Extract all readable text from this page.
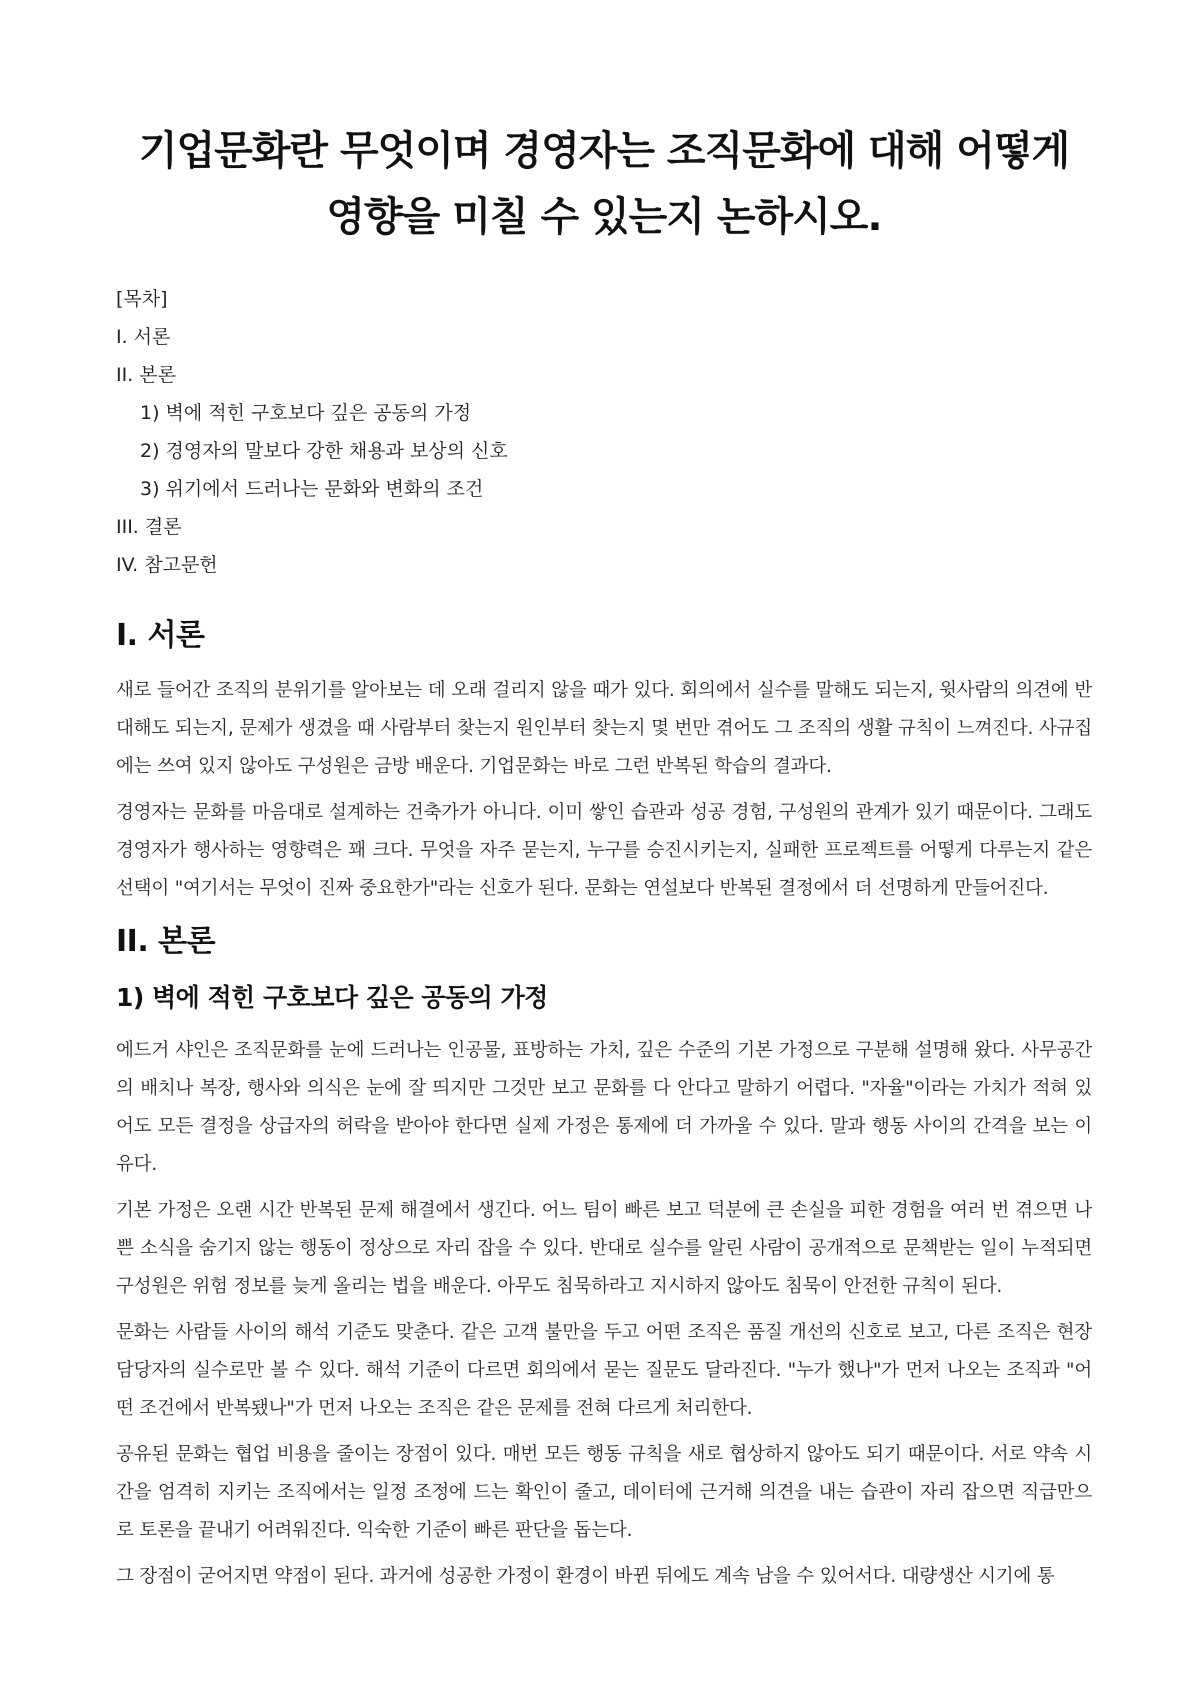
기업문화란 무엇이며 경영자는 조직문화에 대해 어떻게 영향을 미칠 수 있는지 논하시오.
[목차]
I. 서론
II. 본론
1) 벽에 적힌 구호보다 깊은 공동의 가정
2) 경영자의 말보다 강한 채용과 보상의 신호
3) 위기에서 드러나는 문화와 변화의 조건
III. 결론
IV. 참고문헌
I. 서론

새로 들어간 조직의 분위기를 알아보는 데 오래 걸리지 않을 때가 있다. 회의에서 실수를 말해도 되는지, 윗사람의 의견에 반대해도 되는지, 문제가 생겼을 때 사람부터 찾는지 원인부터 찾는지 몇 번만 겪어도 그 조직의 생활 규칙이 느껴진다. 사규집에는 쓰여 있지 않아도 구성원은 금방 배운다. 기업문화는 바로 그런 반복된 학습의 결과다.

경영자는 문화를 마음대로 설계하는 건축가가 아니다. 이미 쌓인 습관과 성공 경험, 구성원의 관계가 있기 때문이다. 그래도 경영자가 행사하는 영향력은 꽤 크다. 무엇을 자주 묻는지, 누구를 승진시키는지, 실패한 프로젝트를 어떻게 다루는지 같은 선택이 "여기서는 무엇이 진짜 중요한가"라는 신호가 된다. 문화는 연설보다 반복된 결정에서 더 선명하게 만들어진다.

II. 본론
1) 벽에 적힌 구호보다 깊은 공동의 가정

에드거 샤인은 조직문화를 눈에 드러나는 인공물, 표방하는 가치, 깊은 수준의 기본 가정으로 구분해 설명해 왔다. 사무공간의 배치나 복장, 행사와 의식은 눈에 잘 띄지만 그것만 보고 문화를 다 안다고 말하기 어렵다. "자율"이라는 가치가 적혀 있어도 모든 결정을 상급자의 허락을 받아야 한다면 실제 가정은 통제에 더 가까울 수 있다. 말과 행동 사이의 간격을 보는 이유다.

기본 가정은 오랜 시간 반복된 문제 해결에서 생긴다. 어느 팀이 빠른 보고 덕분에 큰 손실을 피한 경험을 여러 번 겪으면 나쁜 소식을 숨기지 않는 행동이 정상으로 자리 잡을 수 있다. 반대로 실수를 알린 사람이 공개적으로 문책받는 일이 누적되면 구성원은 위험 정보를 늦게 올리는 법을 배운다. 아무도 침묵하라고 지시하지 않아도 침묵이 안전한 규칙이 된다.

문화는 사람들 사이의 해석 기준도 맞춘다. 같은 고객 불만을 두고 어떤 조직은 품질 개선의 신호로 보고, 다른 조직은 현장 담당자의 실수로만 볼 수 있다. 해석 기준이 다르면 회의에서 묻는 질문도 달라진다. "누가 했나"가 먼저 나오는 조직과 "어떤 조건에서 반복됐나"가 먼저 나오는 조직은 같은 문제를 전혀 다르게 처리한다.

공유된 문화는 협업 비용을 줄이는 장점이 있다. 매번 모든 행동 규칙을 새로 협상하지 않아도 되기 때문이다. 서로 약속 시간을 엄격히 지키는 조직에서는 일정 조정에 드는 확인이 줄고, 데이터에 근거해 의견을 내는 습관이 자리 잡으면 직급만으로 토론을 끝내기 어려워진다. 익숙한 기준이 빠른 판단을 돕는다.

그 장점이 굳어지면 약점이 된다. 과거에 성공한 가정이 환경이 바뀐 뒤에도 계속 남을 수 있어서다. 대량생산 시기에 통
